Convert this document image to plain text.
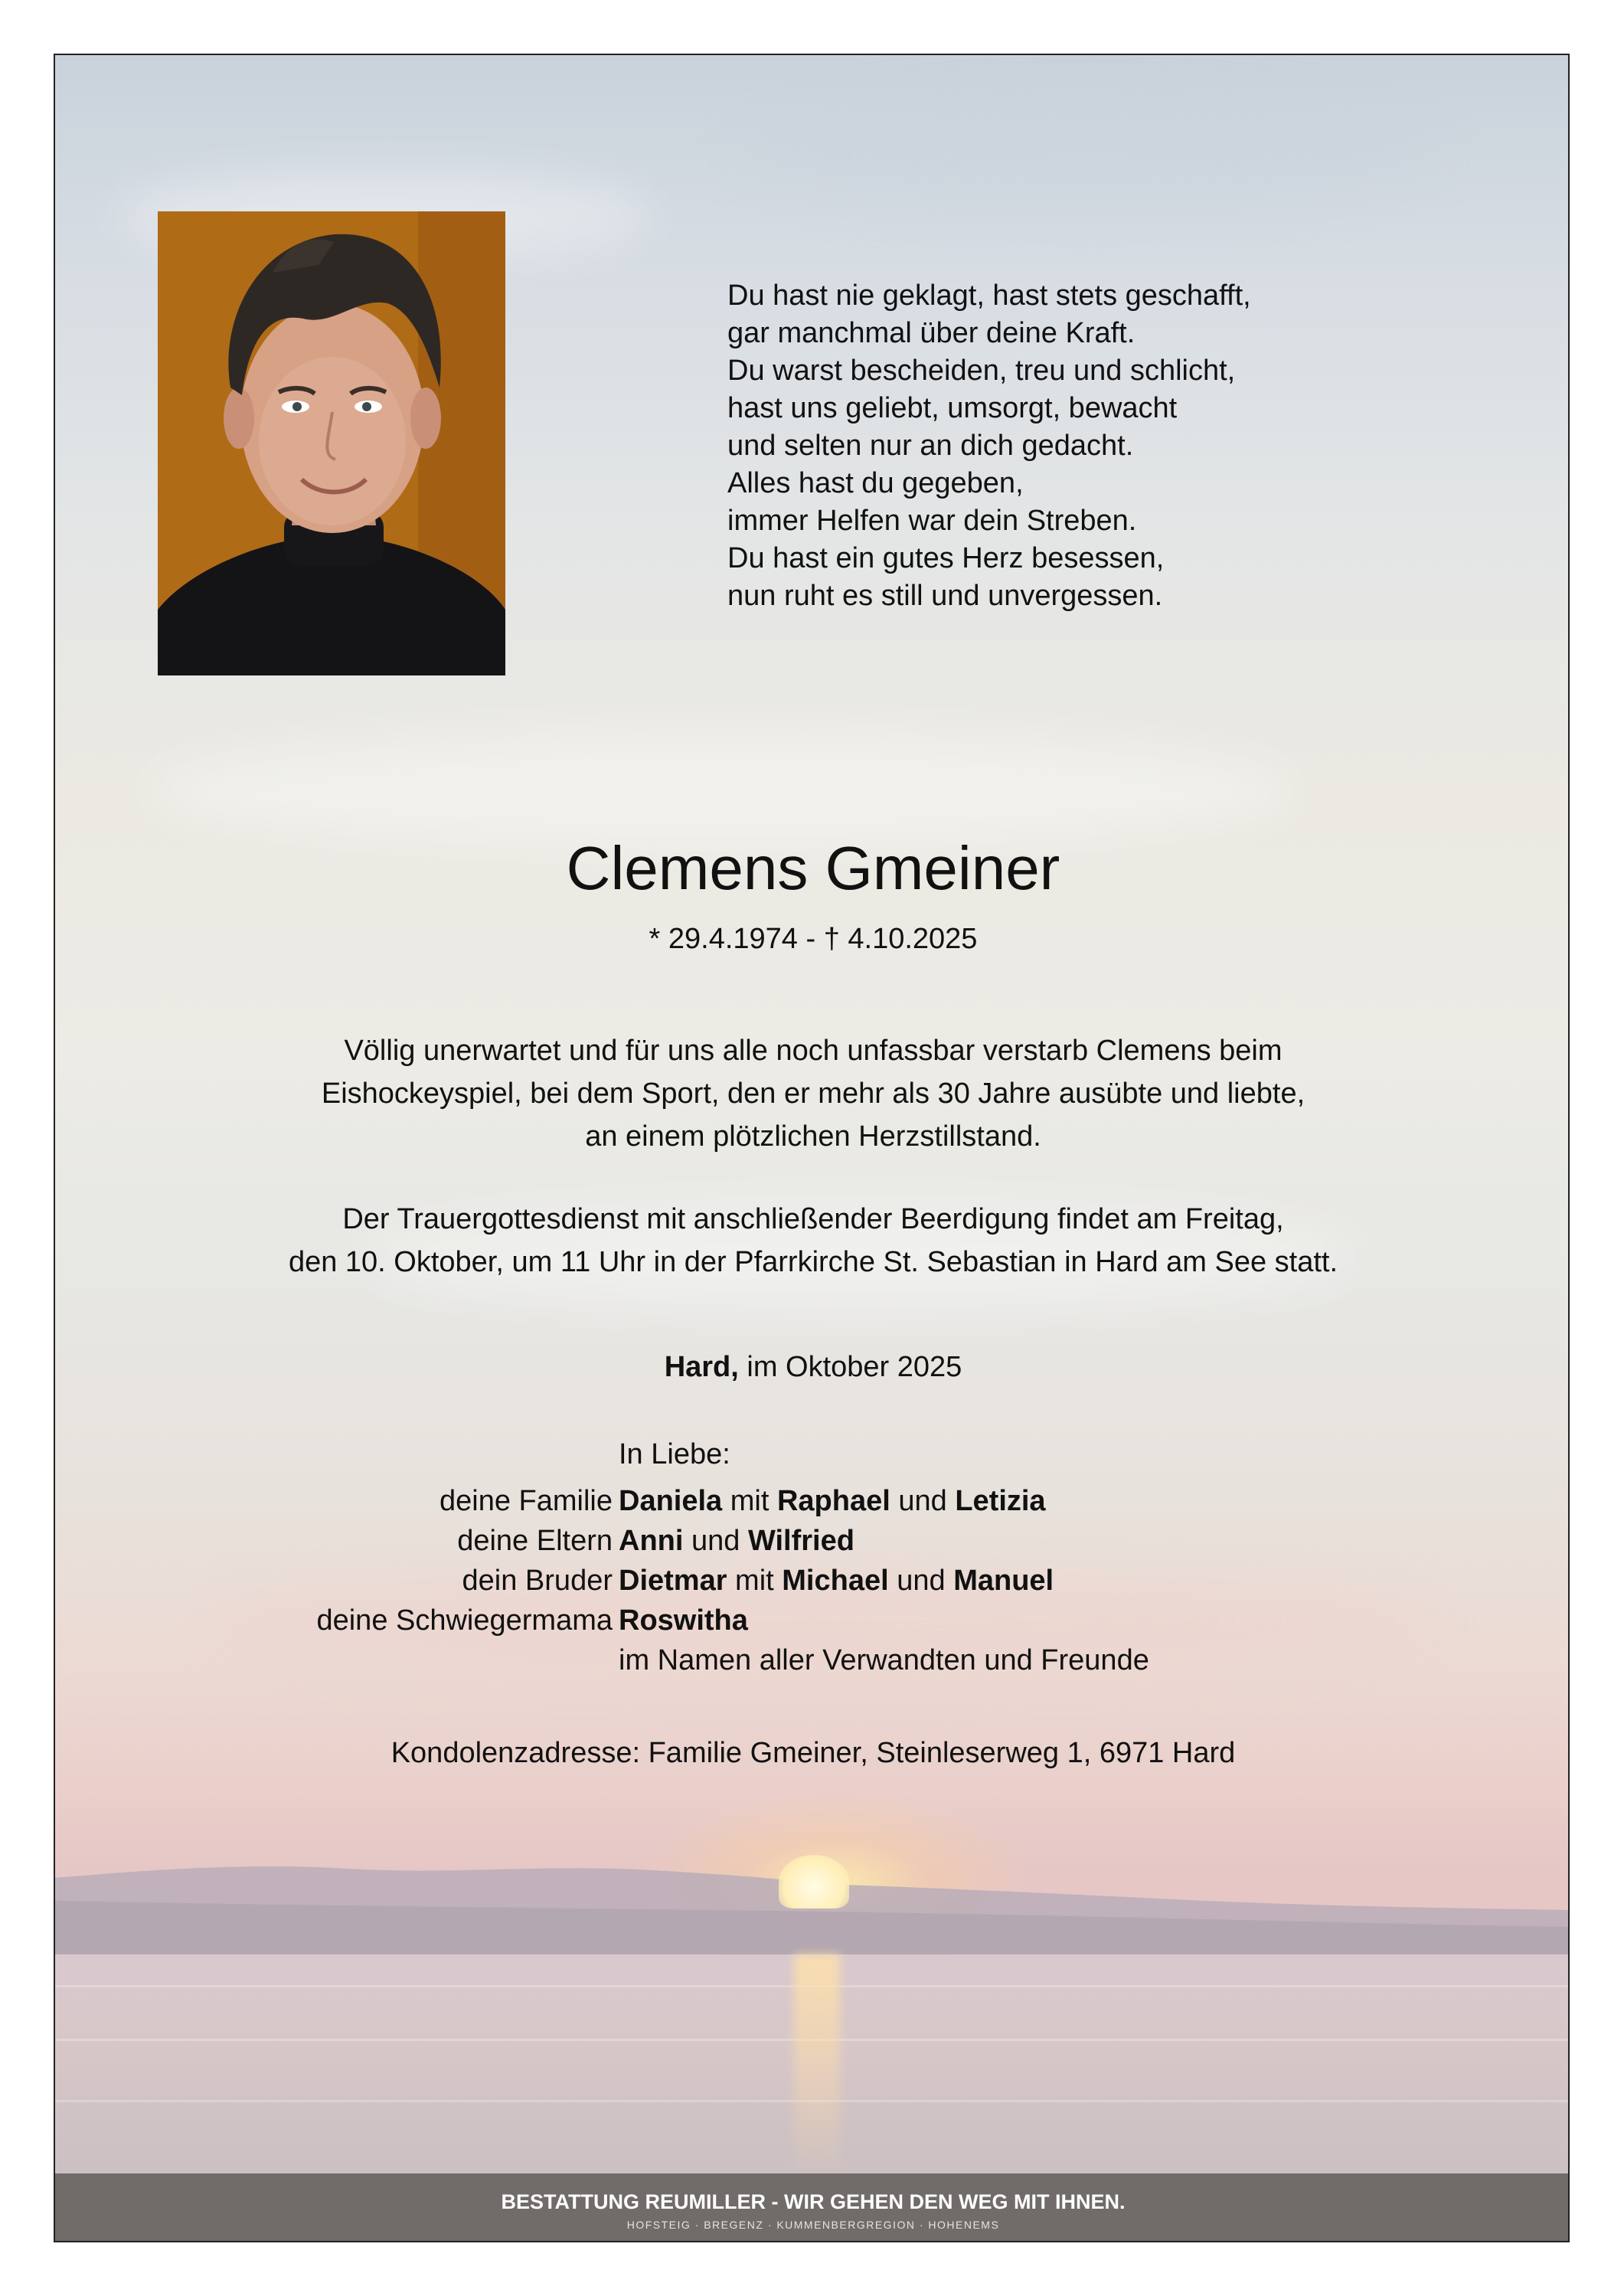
Du hast nie geklagt, hast stets geschafft,
gar manchmal über deine Kraft.
Du warst bescheiden, treu und schlicht,
hast uns geliebt, umsorgt, bewacht
und selten nur an dich gedacht.
Alles hast du gegeben,
immer Helfen war dein Streben.
Du hast ein gutes Herz besessen,
nun ruht es still und unvergessen.
Clemens Gmeiner
* 29.4.1974 - † 4.10.2025
Völlig unerwartet und für uns alle noch unfassbar verstarb Clemens beim
Eishockeyspiel, bei dem Sport, den er mehr als 30 Jahre ausübte und liebte,
an einem plötzlichen Herzstillstand.
Der Trauergottesdienst mit anschließender Beerdigung findet am Freitag,
den 10. Oktober, um 11 Uhr in der Pfarrkirche St. Sebastian in Hard am See statt.
Hard, im Oktober 2025
In Liebe:
deine Familie Daniela mit Raphael und Letizia
deine Eltern Anni und Wilfried
dein Bruder Dietmar mit Michael und Manuel
deine Schwiegermama Roswitha
im Namen aller Verwandten und Freunde
Kondolenzadresse: Familie Gmeiner, Steinleserweg 1, 6971 Hard
BESTATTUNG REUMILLER - WIR GEHEN DEN WEG MIT IHNEN.
HOFSTEIG · BREGENZ · KUMMENBERGREGION · HOHENEMS
